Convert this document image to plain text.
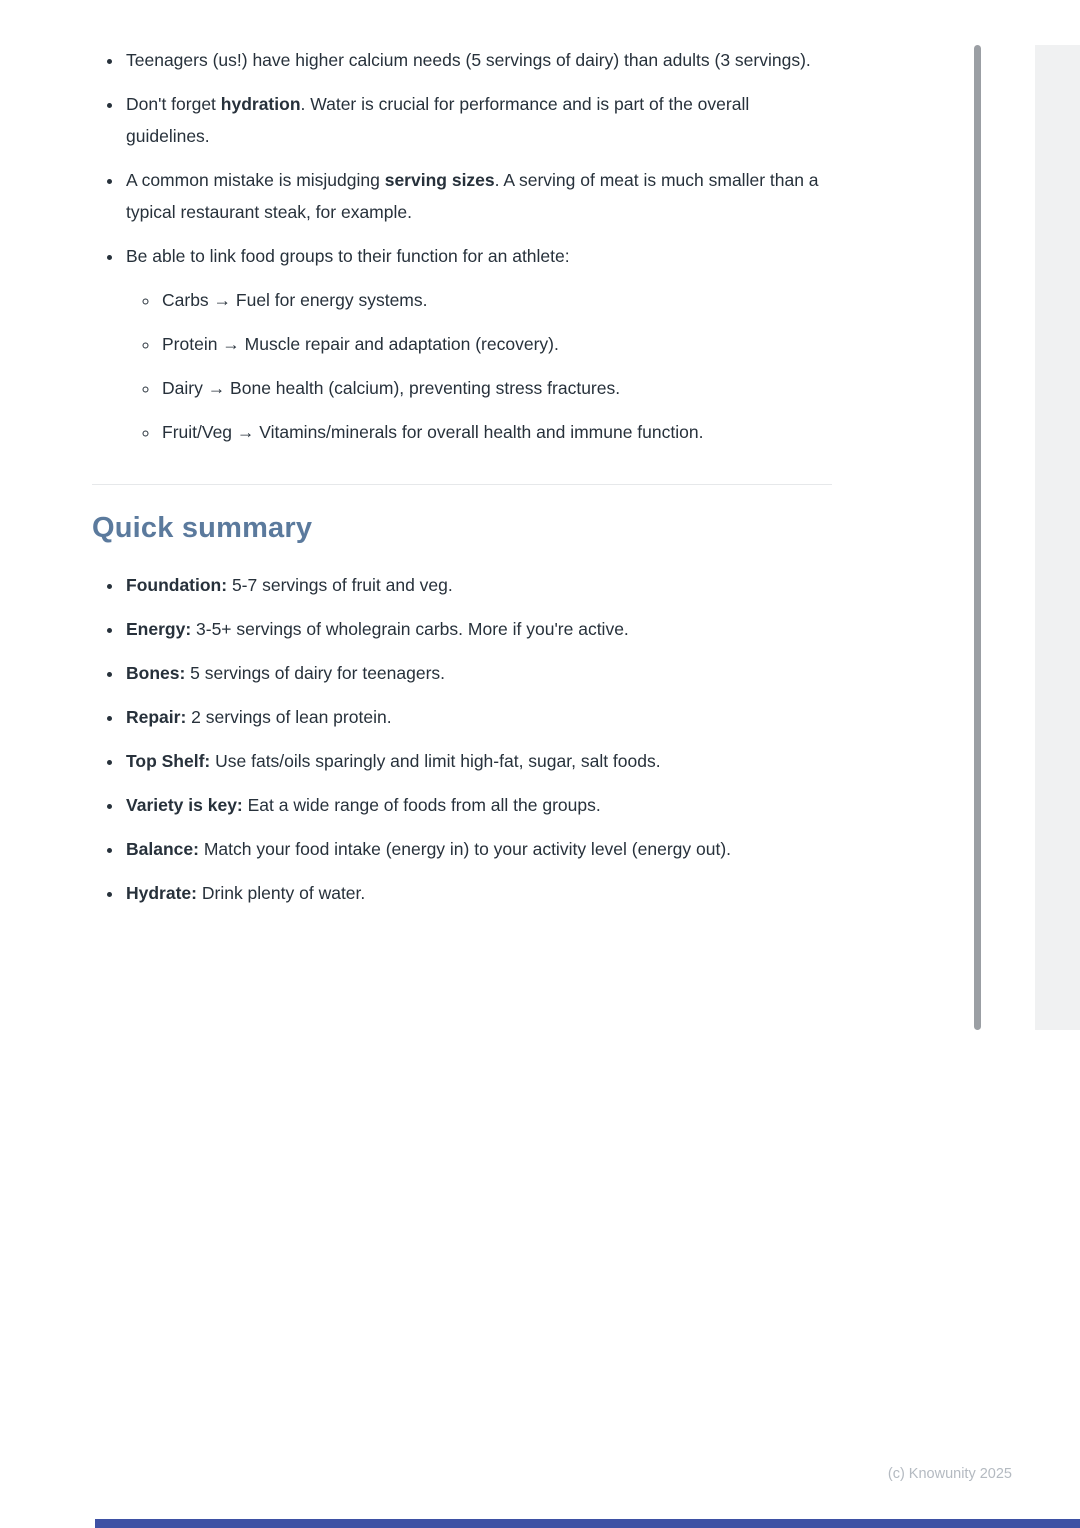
• Teenagers (us!) have higher calcium needs (5 servings of dairy) than adults (3 servings).
• Don't forget hydration. Water is crucial for performance and is part of the overall guidelines.
• A common mistake is misjudging serving sizes. A serving of meat is much smaller than a typical restaurant steak, for example.
• Be able to link food groups to their function for an athlete:
◦ Carbs → Fuel for energy systems.
◦ Protein → Muscle repair and adaptation (recovery).
◦ Dairy → Bone health (calcium), preventing stress fractures.
◦ Fruit/Veg → Vitamins/minerals for overall health and immune function.
Quick summary
• Foundation: 5-7 servings of fruit and veg.
• Energy: 3-5+ servings of wholegrain carbs. More if you're active.
• Bones: 5 servings of dairy for teenagers.
• Repair: 2 servings of lean protein.
• Top Shelf: Use fats/oils sparingly and limit high-fat, sugar, salt foods.
• Variety is key: Eat a wide range of foods from all the groups.
• Balance: Match your food intake (energy in) to your activity level (energy out).
• Hydrate: Drink plenty of water.
(c) Knowunity 2025
